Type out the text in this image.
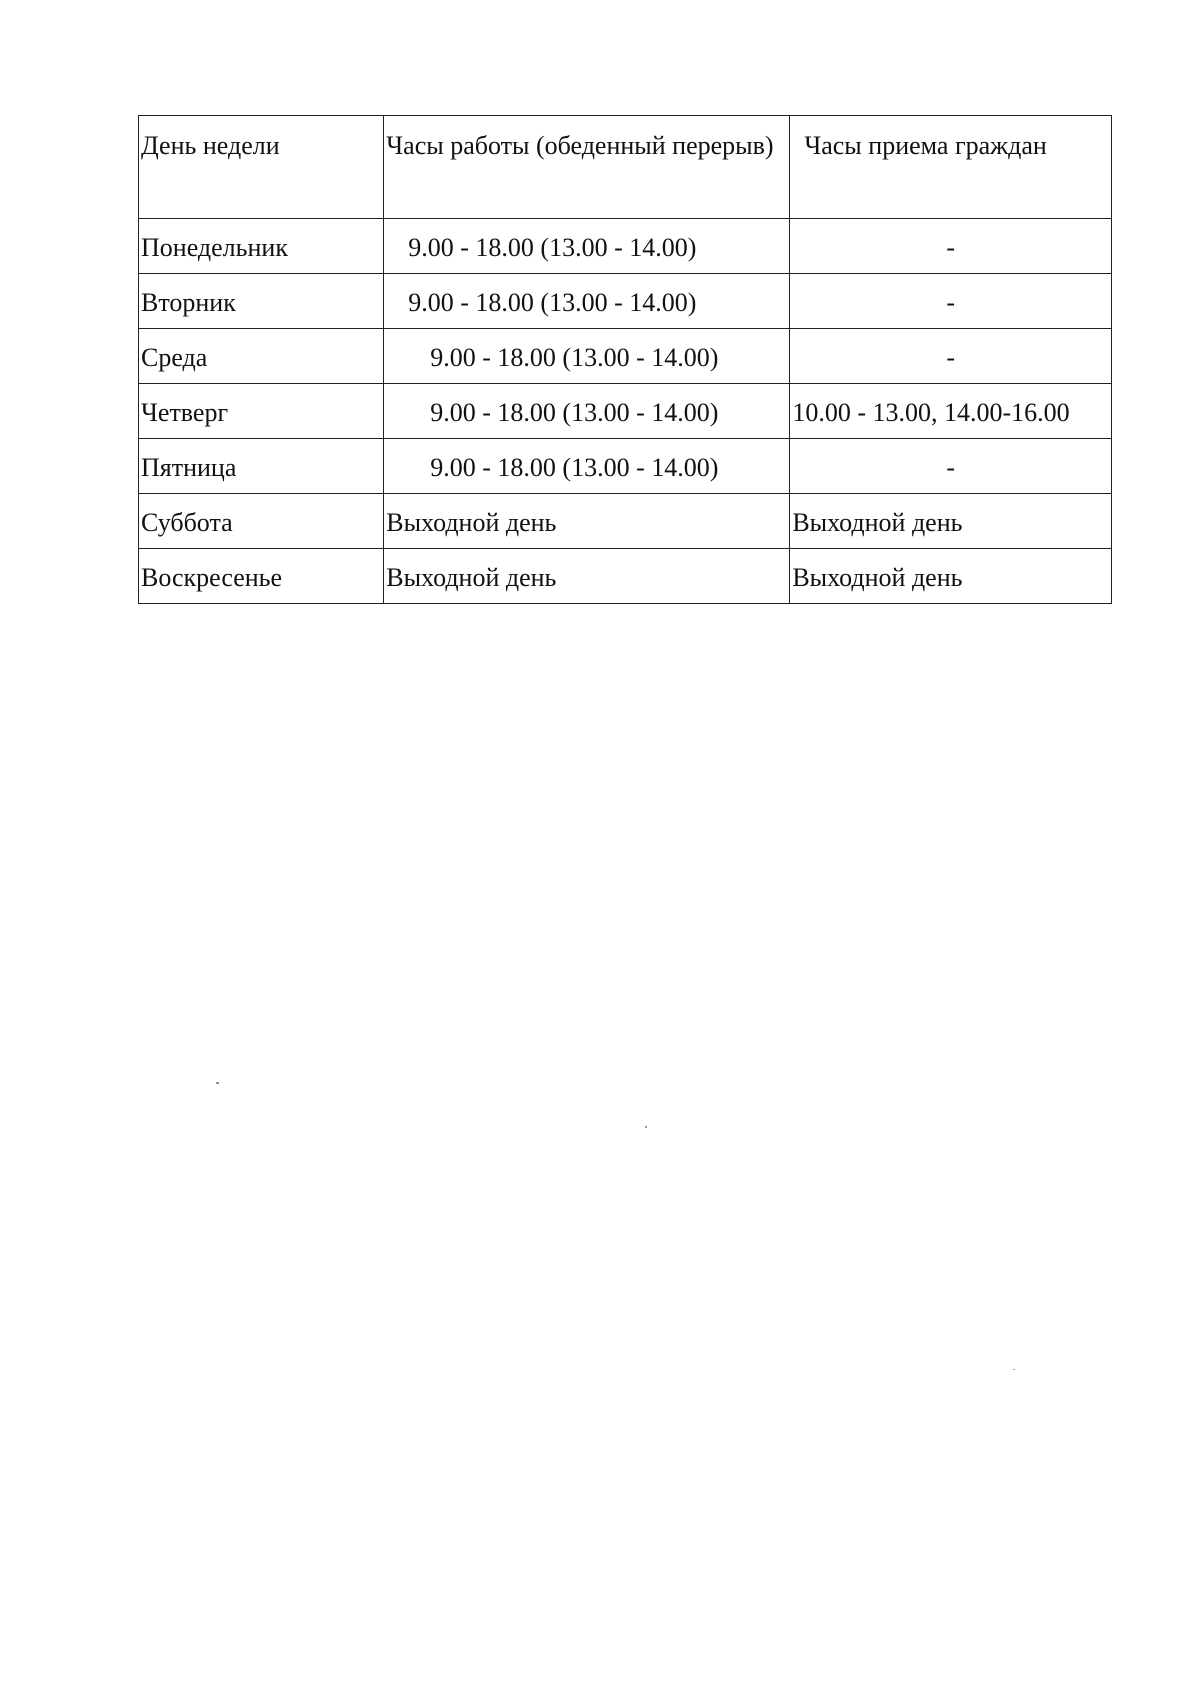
День недели	Часы работы (обеденный перерыв)	Часы приема граждан
Понедельник	9.00 - 18.00 (13.00 - 14.00)	-
Вторник	9.00 - 18.00 (13.00 - 14.00)	-
Среда	9.00 - 18.00 (13.00 - 14.00)	-
Четверг	9.00 - 18.00 (13.00 - 14.00)	10.00 - 13.00, 14.00-16.00
Пятница	9.00 - 18.00 (13.00 - 14.00)	-
Суббота	Выходной день	Выходной день
Воскресенье	Выходной день	Выходной день
